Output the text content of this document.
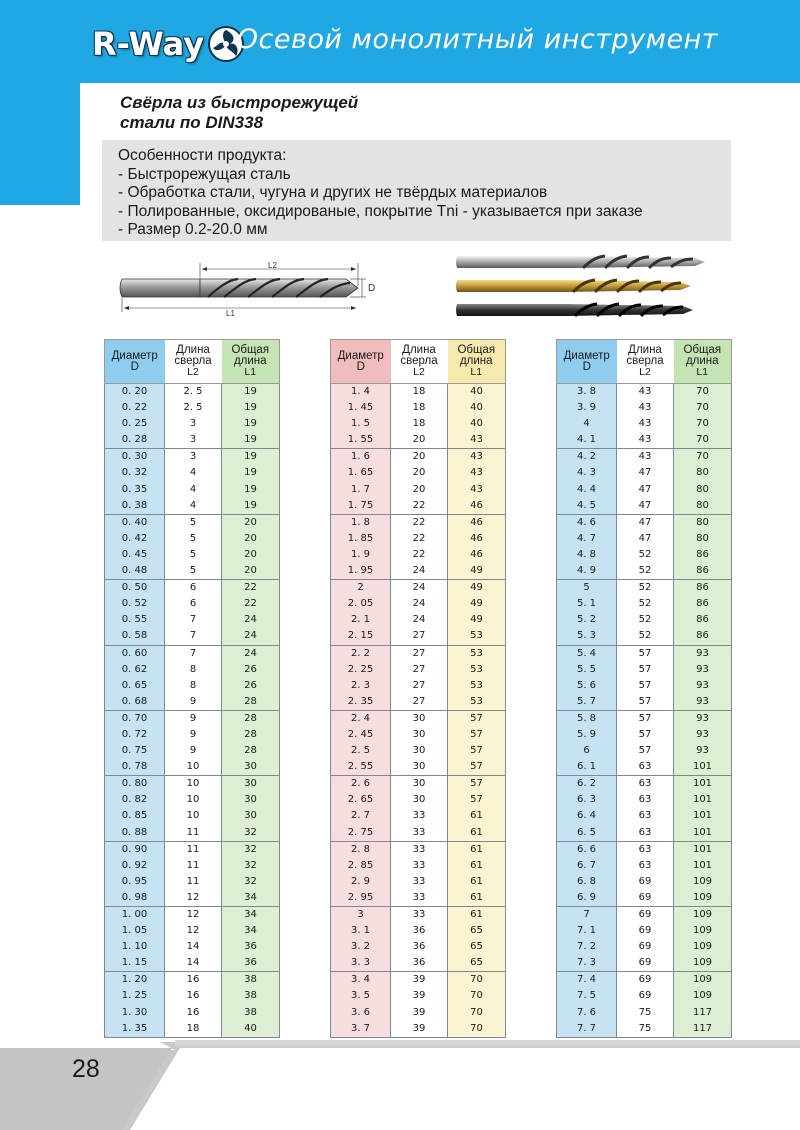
R-Way Осевой монолитный инструмент
Свёрла из быстрорежущей
стали по DIN338
Особенности продукта:
- Быстрорежущая сталь
- Обработка стали, чугуна и других не твёрдых материалов
- Полированные, оксидированые, покрытие Tni - указывается при заказе
- Размер 0.2-20.0 мм
L2
L1
D
Диаметр
D	Длина
сверла
L2	Общая
длина
L1
0. 20	2. 5	19
0. 22	2. 5	19
0. 25	3	19
0. 28	3	19
0. 30	3	19
0. 32	4	19
0. 35	4	19
0. 38	4	19
0. 40	5	20
0. 42	5	20
0. 45	5	20
0. 48	5	20
0. 50	6	22
0. 52	6	22
0. 55	7	24
0. 58	7	24
0. 60	7	24
0. 62	8	26
0. 65	8	26
0. 68	9	28
0. 70	9	28
0. 72	9	28
0. 75	9	28
0. 78	10	30
0. 80	10	30
0. 82	10	30
0. 85	10	30
0. 88	11	32
0. 90	11	32
0. 92	11	32
0. 95	11	32
0. 98	12	34
1. 00	12	34
1. 05	12	34
1. 10	14	36
1. 15	14	36
1. 20	16	38
1. 25	16	38
1. 30	16	38
1. 35	18	40
Диаметр
D	Длина
сверла
L2	Общая
длина
L1
1. 4	18	40
1. 45	18	40
1. 5	18	40
1. 55	20	43
1. 6	20	43
1. 65	20	43
1. 7	20	43
1. 75	22	46
1. 8	22	46
1. 85	22	46
1. 9	22	46
1. 95	24	49
2	24	49
2. 05	24	49
2. 1	24	49
2. 15	27	53
2. 2	27	53
2. 25	27	53
2. 3	27	53
2. 35	27	53
2. 4	30	57
2. 45	30	57
2. 5	30	57
2. 55	30	57
2. 6	30	57
2. 65	30	57
2. 7	33	61
2. 75	33	61
2. 8	33	61
2. 85	33	61
2. 9	33	61
2. 95	33	61
3	33	61
3. 1	36	65
3. 2	36	65
3. 3	36	65
3. 4	39	70
3. 5	39	70
3. 6	39	70
3. 7	39	70
Диаметр
D	Длина
сверла
L2	Общая
длина
L1
3. 8	43	70
3. 9	43	70
4	43	70
4. 1	43	70
4. 2	43	70
4. 3	47	80
4. 4	47	80
4. 5	47	80
4. 6	47	80
4. 7	47	80
4. 8	52	86
4. 9	52	86
5	52	86
5. 1	52	86
5. 2	52	86
5. 3	52	86
5. 4	57	93
5. 5	57	93
5. 6	57	93
5. 7	57	93
5. 8	57	93
5. 9	57	93
6	57	93
6. 1	63	101
6. 2	63	101
6. 3	63	101
6. 4	63	101
6. 5	63	101
6. 6	63	101
6. 7	63	101
6. 8	69	109
6. 9	69	109
7	69	109
7. 1	69	109
7. 2	69	109
7. 3	69	109
7. 4	69	109
7. 5	69	109
7. 6	75	117
7. 7	75	117
28
